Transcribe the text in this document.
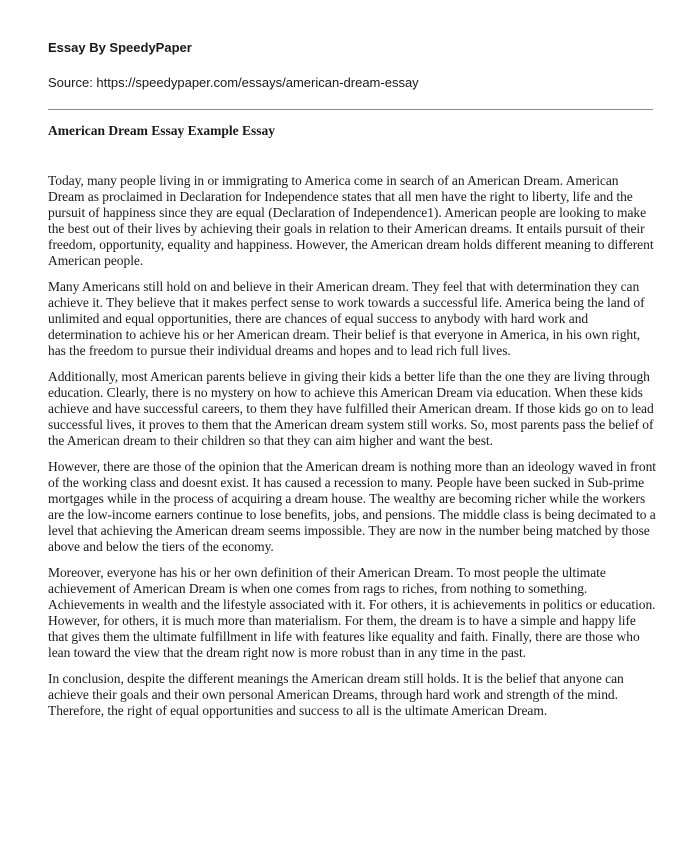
Essay By SpeedyPaper

Source: https://speedypaper.com/essays/american-dream-essay

American Dream Essay Example Essay

Today, many people living in or immigrating to America come in search of an American Dream. American Dream as proclaimed in Declaration for Independence states that all men have the right to liberty, life and the pursuit of happiness since they are equal (Declaration of Independence1). American people are looking to make the best out of their lives by achieving their goals in relation to their American dreams. It entails pursuit of their freedom, opportunity, equality and happiness. However, the American dream holds different meaning to different American people.

Many Americans still hold on and believe in their American dream. They feel that with determination they can achieve it. They believe that it makes perfect sense to work towards a successful life. America being the land of unlimited and equal opportunities, there are chances of equal success to anybody with hard work and determination to achieve his or her American dream. Their belief is that everyone in America, in his own right, has the freedom to pursue their individual dreams and hopes and to lead rich full lives.

Additionally, most American parents believe in giving their kids a better life than the one they are living through education. Clearly, there is no mystery on how to achieve this American Dream via education. When these kids achieve and have successful careers, to them they have fulfilled their American dream. If those kids go on to lead successful lives, it proves to them that the American dream system still works. So, most parents pass the belief of the American dream to their children so that they can aim higher and want the best.

However, there are those of the opinion that the American dream is nothing more than an ideology waved in front of the working class and doesnt exist. It has caused a recession to many. People have been sucked in Sub-prime mortgages while in the process of acquiring a dream house. The wealthy are becoming richer while the workers are the low-income earners continue to lose benefits, jobs, and pensions. The middle class is being decimated to a level that achieving the American dream seems impossible. They are now in the number being matched by those above and below the tiers of the economy.

Moreover, everyone has his or her own definition of their American Dream. To most people the ultimate achievement of American Dream is when one comes from rags to riches, from nothing to something. Achievements in wealth and the lifestyle associated with it. For others, it is achievements in politics or education. However, for others, it is much more than materialism. For them, the dream is to have a simple and happy life that gives them the ultimate fulfillment in life with features like equality and faith. Finally, there are those who lean toward the view that the dream right now is more robust than in any time in the past.

In conclusion, despite the different meanings the American dream still holds. It is the belief that anyone can achieve their goals and their own personal American Dreams, through hard work and strength of the mind. Therefore, the right of equal opportunities and success to all is the ultimate American Dream.
